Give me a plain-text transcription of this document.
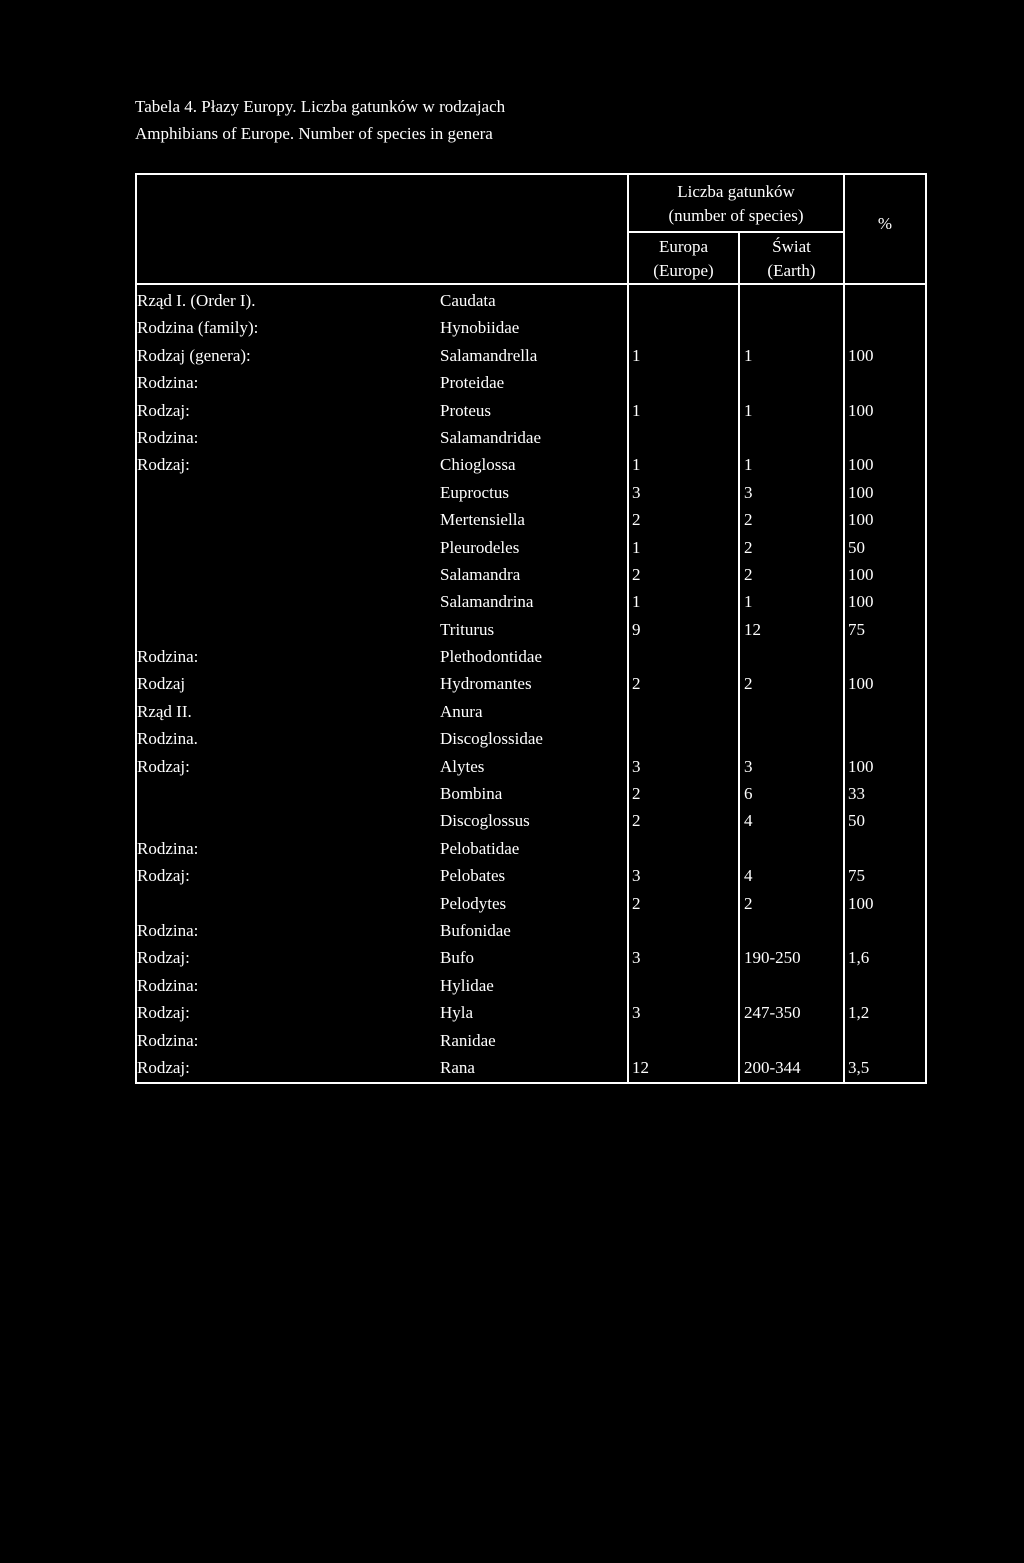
Tabela 4. Płazy Europy. Liczba gatunków w rodzajach
Amphibians of Europe. Number of species in genera
Liczba gatunków
(number of species)	%
Europa
(Europe)
Świat
(Earth)
Rząd I. (Order I).	Caudata
Rodzina (family):	Hynobiidae
Rodzaj (genera):	Salamandrella	1	1	100
Rodzina:	Proteidae
Rodzaj:	Proteus	1	1	100
Rodzina:	Salamandridae
Rodzaj:	Chioglossa	1	1	100
Euproctus	3	3	100
Mertensiella	2	2	100
Pleurodeles	1	2	50
Salamandra	2	2	100
Salamandrina	1	1	100
Triturus	9	12	75
Rodzina:	Plethodontidae
Rodzaj	Hydromantes	2	2	100
Rząd II.	Anura
Rodzina.	Discoglossidae
Rodzaj:	Alytes	3	3	100
Bombina	2	6	33
Discoglossus	2	4	50
Rodzina:	Pelobatidae
Rodzaj:	Pelobates	3	4	75
Pelodytes	2	2	100
Rodzina:	Bufonidae
Rodzaj:	Bufo	3	190-250	1,6
Rodzina:	Hylidae
Rodzaj:	Hyla	3	247-350	1,2
Rodzina:	Ranidae
Rodzaj:	Rana	12	200-344	3,5
